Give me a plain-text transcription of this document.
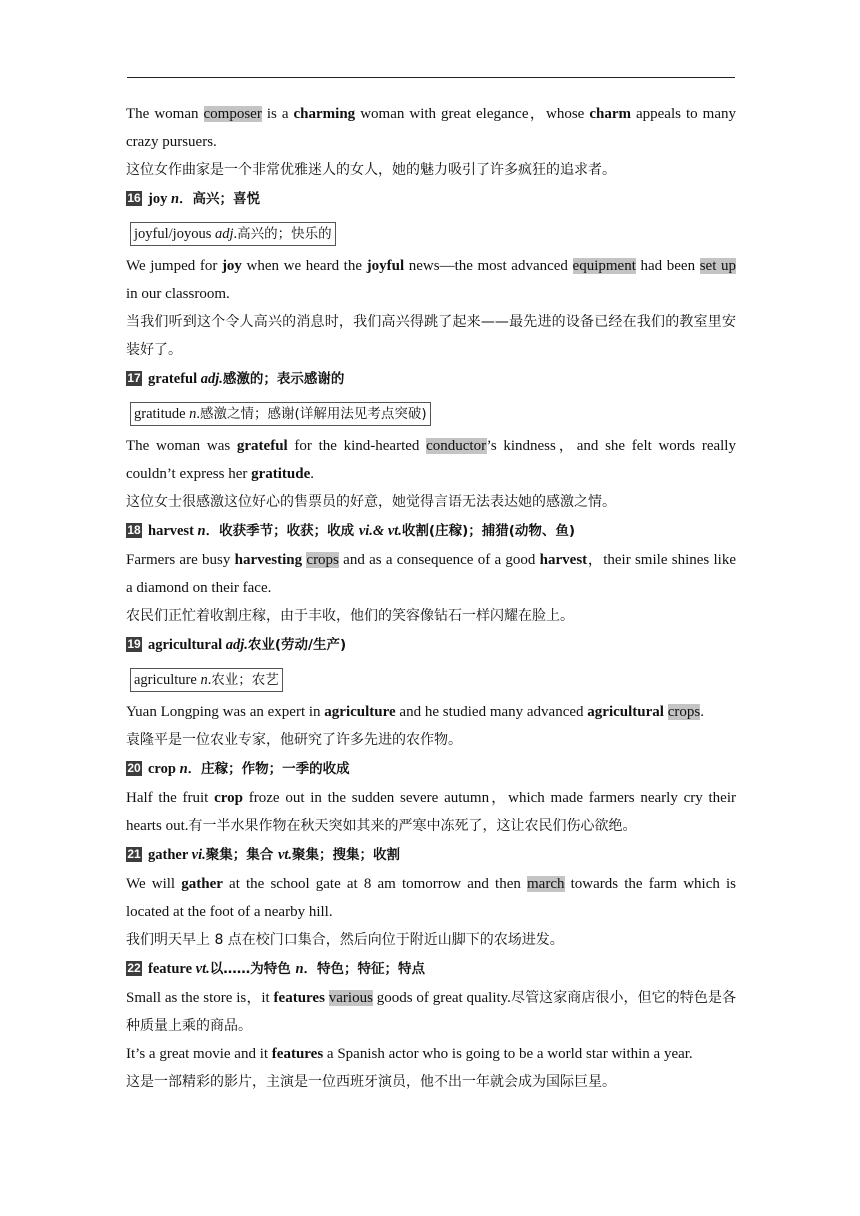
The woman composer is a charming woman with great elegance，whose charm appeals to many crazy pursuers.

这位女作曲家是一个非常优雅迷人的女人，她的魅力吸引了许多疯狂的追求者。

16 joy n．高兴；喜悦

joyful/joyous adj.高兴的；快乐的

We jumped for joy when we heard the joyful news—the most advanced equipment had been set up in our classroom.

当我们听到这个令人高兴的消息时，我们高兴得跳了起来——最先进的设备已经在我们的教室里安装好了。

17 grateful adj.感激的；表示感谢的

gratitude n.感激之情；感谢(详解用法见考点突破)

The woman was grateful for the kind-hearted conductor’s kindness，and she felt words really couldn’t express her gratitude.

这位女士很感激这位好心的售票员的好意，她觉得言语无法表达她的感激之情。

18 harvest n．收获季节；收获；收成 vi.& vt.收割(庄稼)；捕猎(动物、鱼)

Farmers are busy harvesting crops and as a consequence of a good harvest，their smile shines like a diamond on their face.

农民们正忙着收割庄稼，由于丰收，他们的笑容像钻石一样闪耀在脸上。

19 agricultural adj.农业(劳动/生产)

agriculture n.农业；农艺

Yuan Longping was an expert in agriculture and he studied many advanced agricultural crops.

袁隆平是一位农业专家，他研究了许多先进的农作物。

20 crop n．庄稼；作物；一季的收成

Half the fruit crop froze out in the sudden severe autumn，which made farmers nearly cry their hearts out.有一半水果作物在秋天突如其来的严寒中冻死了，这让农民们伤心欲绝。

21 gather vi.聚集；集合 vt.聚集；搜集；收割

We will gather at the school gate at 8 am tomorrow and then march towards the farm which is located at the foot of a nearby hill.

我们明天早上 8 点在校门口集合，然后向位于附近山脚下的农场进发。

22 feature vt.以……为特色 n．特色；特征；特点

Small as the store is，it features various goods of great quality.尽管这家商店很小，但它的特色是各种质量上乘的商品。

It’s a great movie and it features a Spanish actor who is going to be a world star within a year.

这是一部精彩的影片，主演是一位西班牙演员，他不出一年就会成为国际巨星。
